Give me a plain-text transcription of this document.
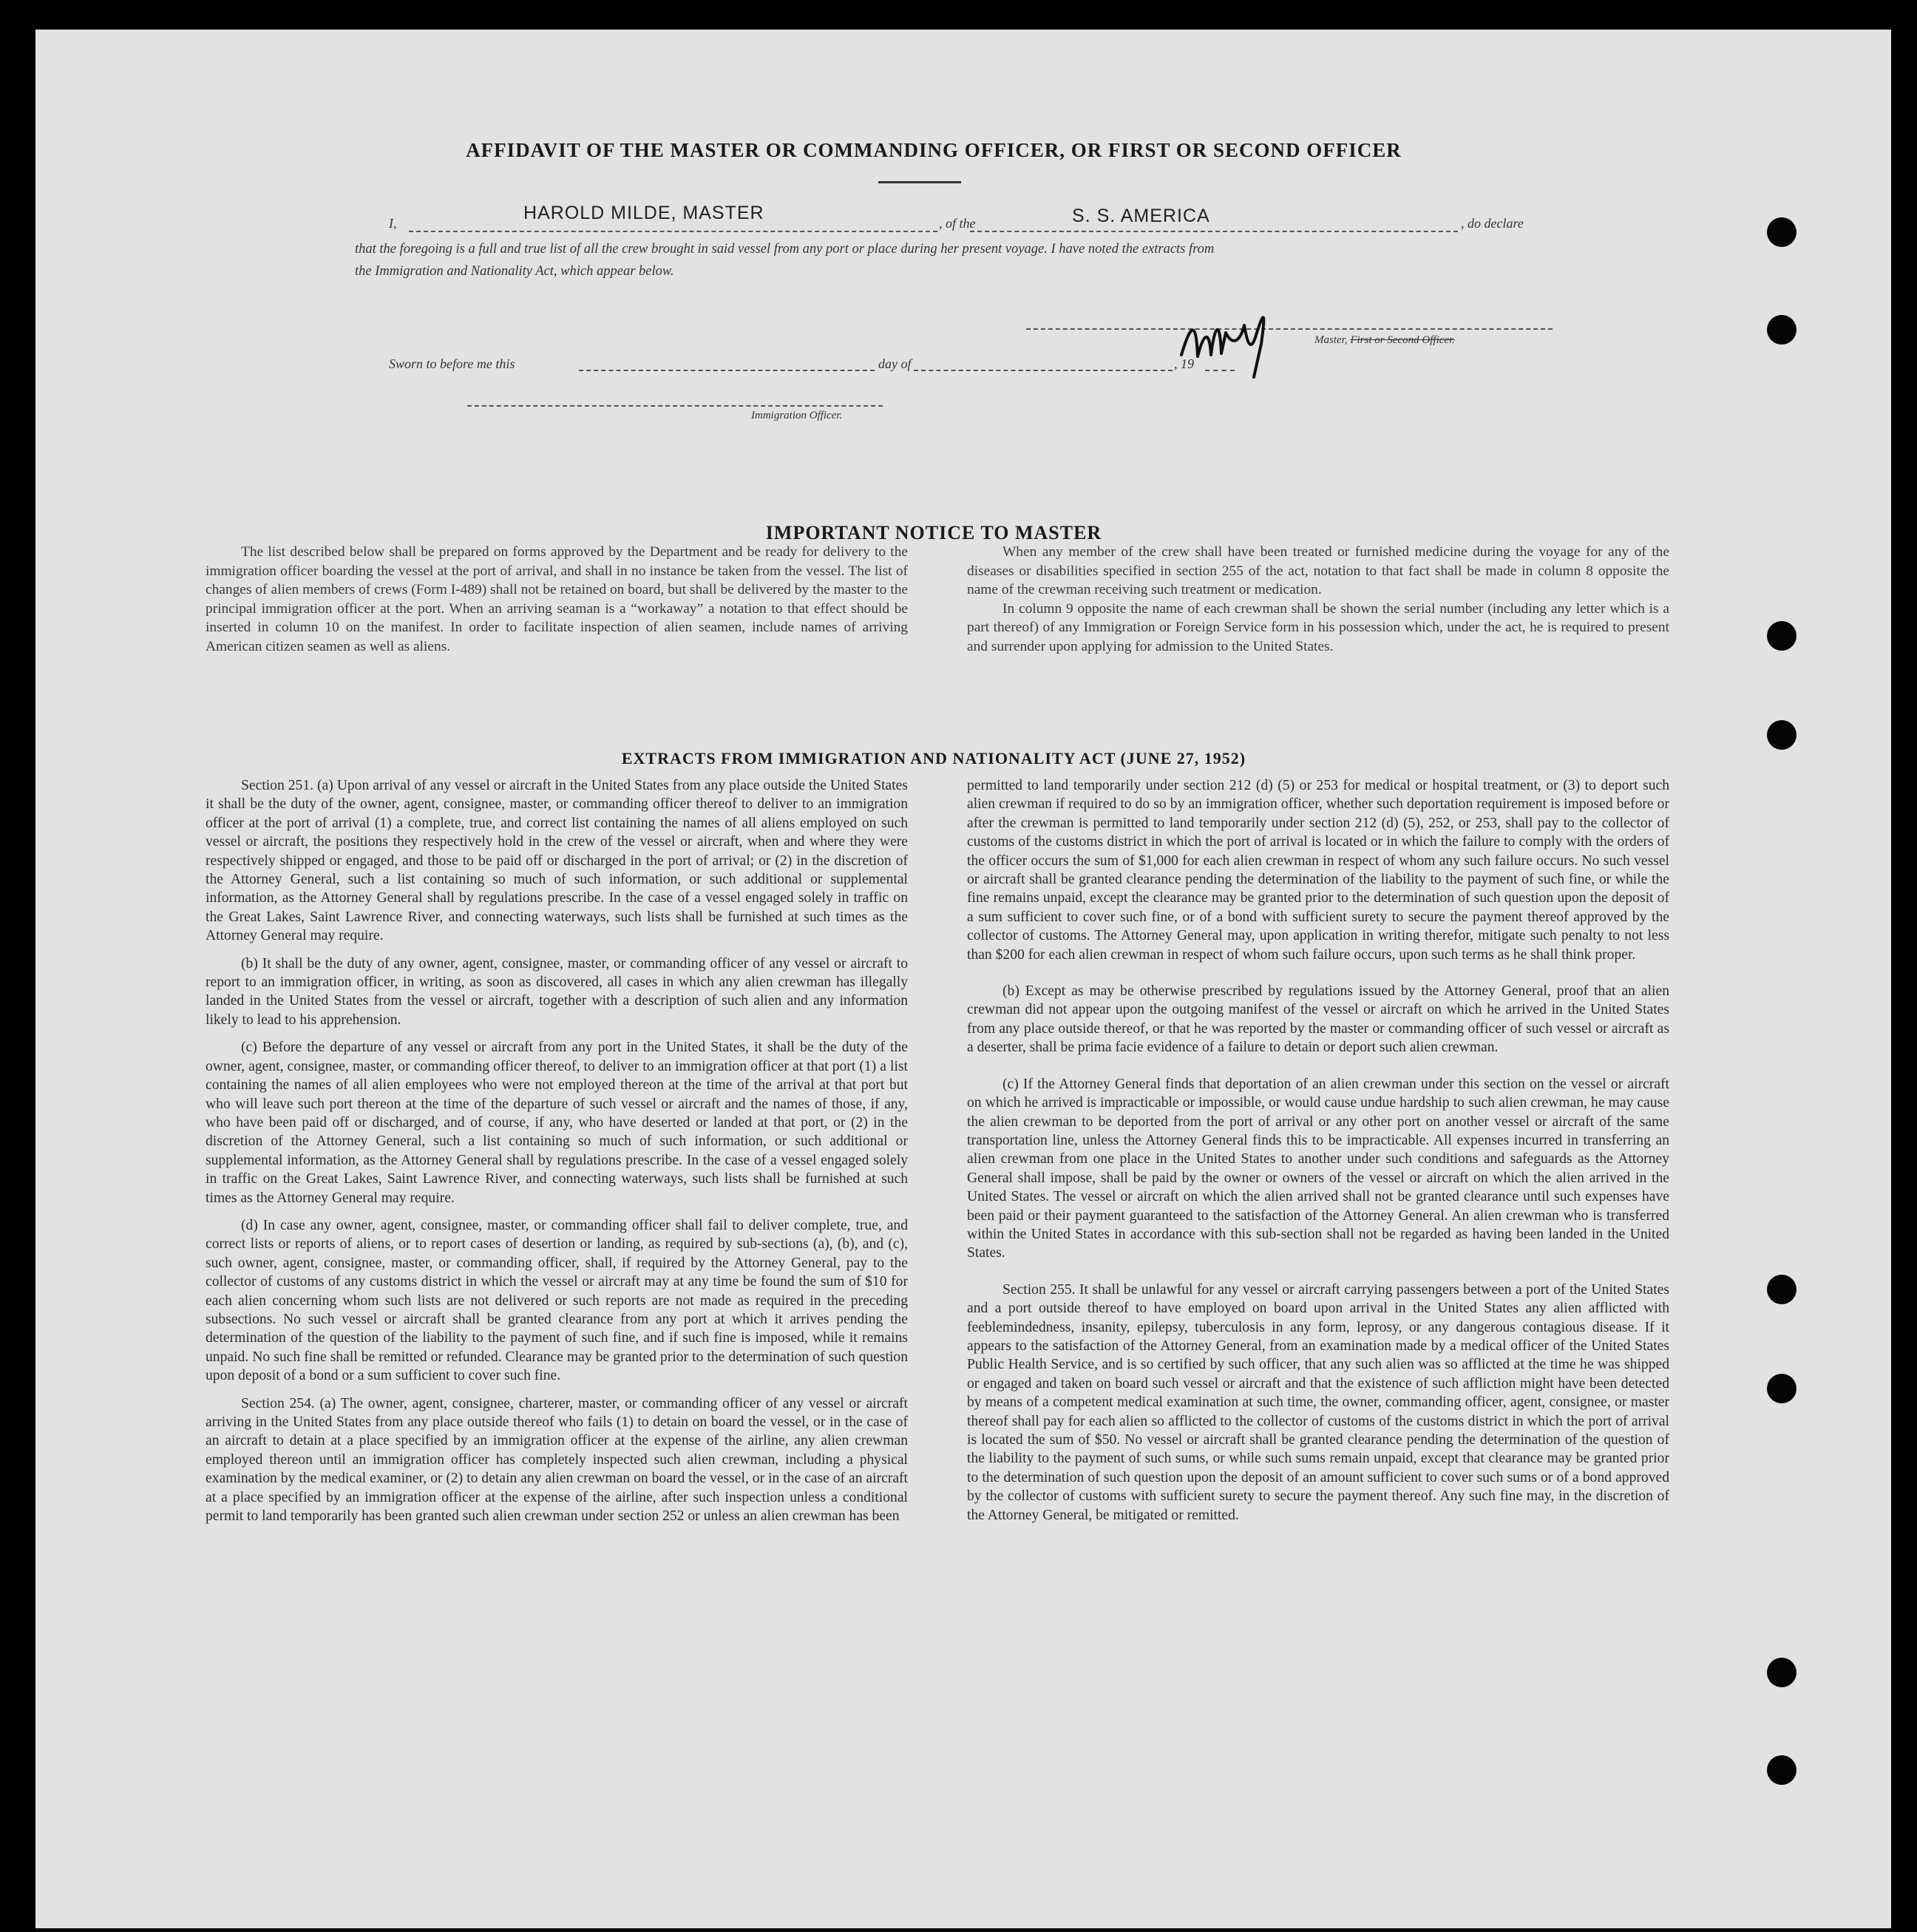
AFFIDAVIT OF THE MASTER OR COMMANDING OFFICER, OR FIRST OR SECOND OFFICER
I,	HAROLD MILDE, MASTER	, of the	S. S. AMERICA	, do declare
that the foregoing is a full and true list of all the crew brought in said vessel from any port or place during her present voyage. I have noted the extracts from
the Immigration and Nationality Act, which appear below.
Master, First or Second Officer.
Sworn to before me this	day of	, 19
Immigration Officer.
IMPORTANT NOTICE TO MASTER

The list described below shall be prepared on forms approved by the Department and be ready for delivery to the immigration officer boarding the vessel at the port of arrival, and shall in no instance be taken from the vessel. The list of changes of alien members of crews (Form I-489) shall not be retained on board, but shall be delivered by the master to the principal immigration officer at the port. When an arriving seaman is a “workaway” a notation to that effect should be inserted in column 10 on the manifest. In order to facilitate inspection of alien seamen, include names of arriving American citizen seamen as well as aliens.

When any member of the crew shall have been treated or furnished medicine during the voyage for any of the diseases or disabilities specified in section 255 of the act, notation to that fact shall be made in column 8 opposite the name of the crewman receiving such treatment or medication.

In column 9 opposite the name of each crewman shall be shown the serial number (including any letter which is a part thereof) of any Immigration or Foreign Service form in his possession which, under the act, he is required to present and surrender upon applying for admission to the United States.

EXTRACTS FROM IMMIGRATION AND NATIONALITY ACT (JUNE 27, 1952)

Section 251. (a) Upon arrival of any vessel or aircraft in the United States from any place outside the United States it shall be the duty of the owner, agent, consignee, master, or commanding officer thereof to deliver to an immigration officer at the port of arrival (1) a complete, true, and correct list containing the names of all aliens employed on such vessel or aircraft, the positions they respectively hold in the crew of the vessel or aircraft, when and where they were respectively shipped or engaged, and those to be paid off or discharged in the port of arrival; or (2) in the discretion of the Attorney General, such a list containing so much of such information, or such additional or supplemental information, as the Attorney General shall by regulations prescribe. In the case of a vessel engaged solely in traffic on the Great Lakes, Saint Lawrence River, and connecting waterways, such lists shall be furnished at such times as the Attorney General may require.

(b) It shall be the duty of any owner, agent, consignee, master, or commanding officer of any vessel or aircraft to report to an immigration officer, in writing, as soon as discovered, all cases in which any alien crewman has illegally landed in the United States from the vessel or aircraft, together with a description of such alien and any information likely to lead to his apprehension.

(c) Before the departure of any vessel or aircraft from any port in the United States, it shall be the duty of the owner, agent, consignee, master, or commanding officer thereof, to deliver to an immigration officer at that port (1) a list containing the names of all alien employees who were not employed thereon at the time of the arrival at that port but who will leave such port thereon at the time of the departure of such vessel or aircraft and the names of those, if any, who have been paid off or discharged, and of course, if any, who have deserted or landed at that port, or (2) in the discretion of the Attorney General, such a list containing so much of such information, or such additional or supplemental information, as the Attorney General shall by regulations prescribe. In the case of a vessel engaged solely in traffic on the Great Lakes, Saint Lawrence River, and connecting waterways, such lists shall be furnished at such times as the Attorney General may require.

(d) In case any owner, agent, consignee, master, or commanding officer shall fail to deliver complete, true, and correct lists or reports of aliens, or to report cases of desertion or landing, as required by sub-sections (a), (b), and (c), such owner, agent, consignee, master, or commanding officer, shall, if required by the Attorney General, pay to the collector of customs of any customs district in which the vessel or aircraft may at any time be found the sum of $10 for each alien concerning whom such lists are not delivered or such reports are not made as required in the preceding subsections. No such vessel or aircraft shall be granted clearance from any port at which it arrives pending the determination of the question of the liability to the payment of such fine, and if such fine is imposed, while it remains unpaid. No such fine shall be remitted or refunded. Clearance may be granted prior to the determination of such question upon deposit of a bond or a sum sufficient to cover such fine.

Section 254. (a) The owner, agent, consignee, charterer, master, or commanding officer of any vessel or aircraft arriving in the United States from any place outside thereof who fails (1) to detain on board the vessel, or in the case of an aircraft to detain at a place specified by an immigration officer at the expense of the airline, any alien crewman employed thereon until an immigration officer has completely inspected such alien crewman, including a physical examination by the medical examiner, or (2) to detain any alien crewman on board the vessel, or in the case of an aircraft at a place specified by an immigration officer at the expense of the airline, after such inspection unless a conditional permit to land temporarily has been granted such alien crewman under section 252 or unless an alien crewman has been

permitted to land temporarily under section 212 (d) (5) or 253 for medical or hospital treatment, or (3) to deport such alien crewman if required to do so by an immigration officer, whether such deportation requirement is imposed before or after the crewman is permitted to land temporarily under section 212 (d) (5), 252, or 253, shall pay to the collector of customs of the customs district in which the port of arrival is located or in which the failure to comply with the orders of the officer occurs the sum of $1,000 for each alien crewman in respect of whom any such failure occurs. No such vessel or aircraft shall be granted clearance pending the determination of the liability to the payment of such fine, or while the fine remains unpaid, except the clearance may be granted prior to the determination of such question upon the deposit of a sum sufficient to cover such fine, or of a bond with sufficient surety to secure the payment thereof approved by the collector of customs. The Attorney General may, upon application in writing therefor, mitigate such penalty to not less than $200 for each alien crewman in respect of whom such failure occurs, upon such terms as he shall think proper.

(b) Except as may be otherwise prescribed by regulations issued by the Attorney General, proof that an alien crewman did not appear upon the outgoing manifest of the vessel or aircraft on which he arrived in the United States from any place outside thereof, or that he was reported by the master or commanding officer of such vessel or aircraft as a deserter, shall be prima facie evidence of a failure to detain or deport such alien crewman.

(c) If the Attorney General finds that deportation of an alien crewman under this section on the vessel or aircraft on which he arrived is impracticable or impossible, or would cause undue hardship to such alien crewman, he may cause the alien crewman to be deported from the port of arrival or any other port on another vessel or aircraft of the same transportation line, unless the Attorney General finds this to be impracticable. All expenses incurred in transferring an alien crewman from one place in the United States to another under such conditions and safeguards as the Attorney General shall impose, shall be paid by the owner or owners of the vessel or aircraft on which the alien arrived in the United States. The vessel or aircraft on which the alien arrived shall not be granted clearance until such expenses have been paid or their payment guaranteed to the satisfaction of the Attorney General. An alien crewman who is transferred within the United States in accordance with this sub-section shall not be regarded as having been landed in the United States.

Section 255. It shall be unlawful for any vessel or aircraft carrying passengers between a port of the United States and a port outside thereof to have employed on board upon arrival in the United States any alien afflicted with feeblemindedness, insanity, epilepsy, tuberculosis in any form, leprosy, or any dangerous contagious disease. If it appears to the satisfaction of the Attorney General, from an examination made by a medical officer of the United States Public Health Service, and is so certified by such officer, that any such alien was so afflicted at the time he was shipped or engaged and taken on board such vessel or aircraft and that the existence of such affliction might have been detected by means of a competent medical examination at such time, the owner, commanding officer, agent, consignee, or master thereof shall pay for each alien so afflicted to the collector of customs of the customs district in which the port of arrival is located the sum of $50. No vessel or aircraft shall be granted clearance pending the determination of the question of the liability to the payment of such sums, or while such sums remain unpaid, except that clearance may be granted prior to the determination of such question upon the deposit of an amount sufficient to cover such sums or of a bond approved by the collector of customs with sufficient surety to secure the payment thereof. Any such fine may, in the discretion of the Attorney General, be mitigated or remitted.
